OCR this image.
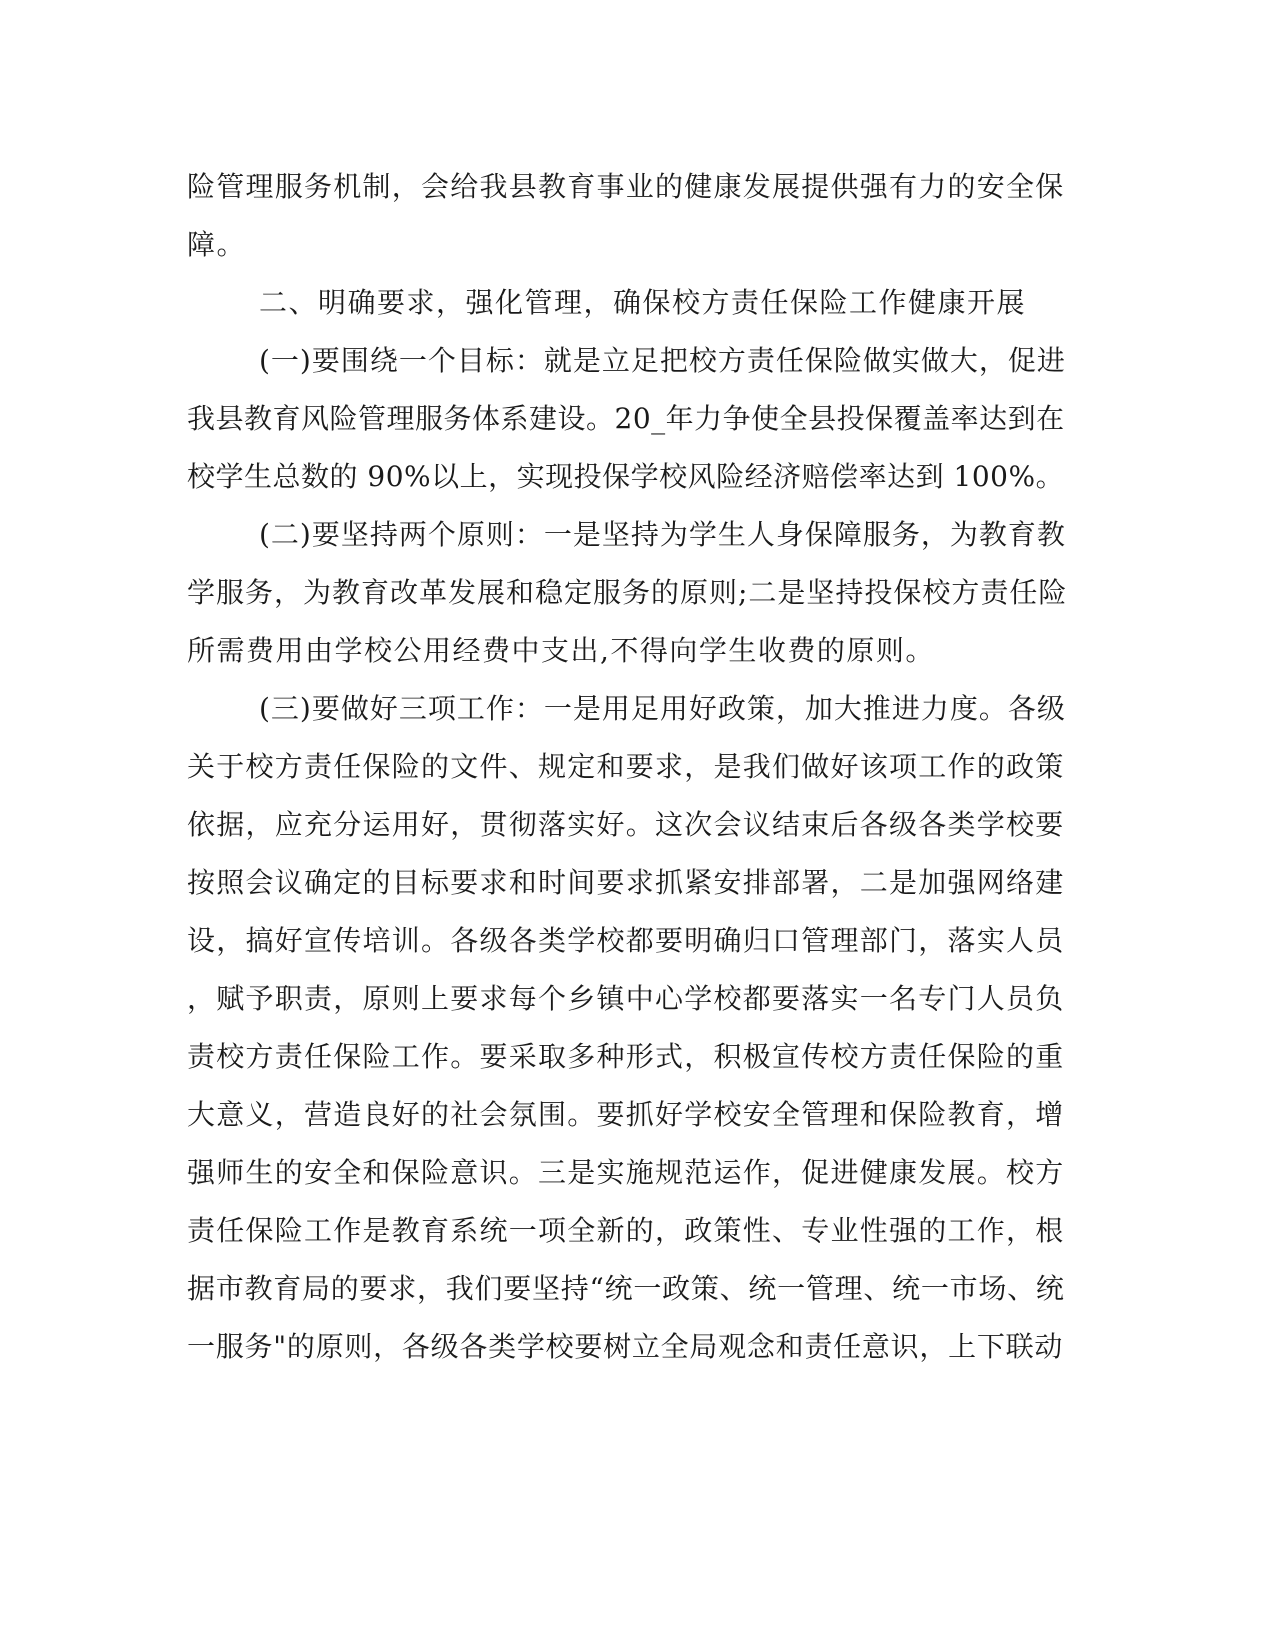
险管理服务机制，会给我县教育事业的健康发展提供强有力的安全保
障。
二、明确要求，强化管理，确保校方责任保险工作健康开展
(一)要围绕一个目标：就是立足把校方责任保险做实做大，促进
我县教育风险管理服务体系建设。20_年力争使全县投保覆盖率达到在
校学生总数的 90%以上，实现投保学校风险经济赔偿率达到 100%。
(二)要坚持两个原则：一是坚持为学生人身保障服务，为教育教
学服务，为教育改革发展和稳定服务的原则;二是坚持投保校方责任险
所需费用由学校公用经费中支出,不得向学生收费的原则。
(三)要做好三项工作：一是用足用好政策，加大推进力度。各级
关于校方责任保险的文件、规定和要求，是我们做好该项工作的政策
依据，应充分运用好，贯彻落实好。这次会议结束后各级各类学校要
按照会议确定的目标要求和时间要求抓紧安排部署，二是加强网络建
设，搞好宣传培训。各级各类学校都要明确归口管理部门，落实人员
，赋予职责，原则上要求每个乡镇中心学校都要落实一名专门人员负
责校方责任保险工作。要采取多种形式，积极宣传校方责任保险的重
大意义，营造良好的社会氛围。要抓好学校安全管理和保险教育，增
强师生的安全和保险意识。三是实施规范运作，促进健康发展。校方
责任保险工作是教育系统一项全新的，政策性、专业性强的工作，根
据市教育局的要求，我们要坚持“统一政策、统一管理、统一市场、统
一服务"的原则，各级各类学校要树立全局观念和责任意识，上下联动
